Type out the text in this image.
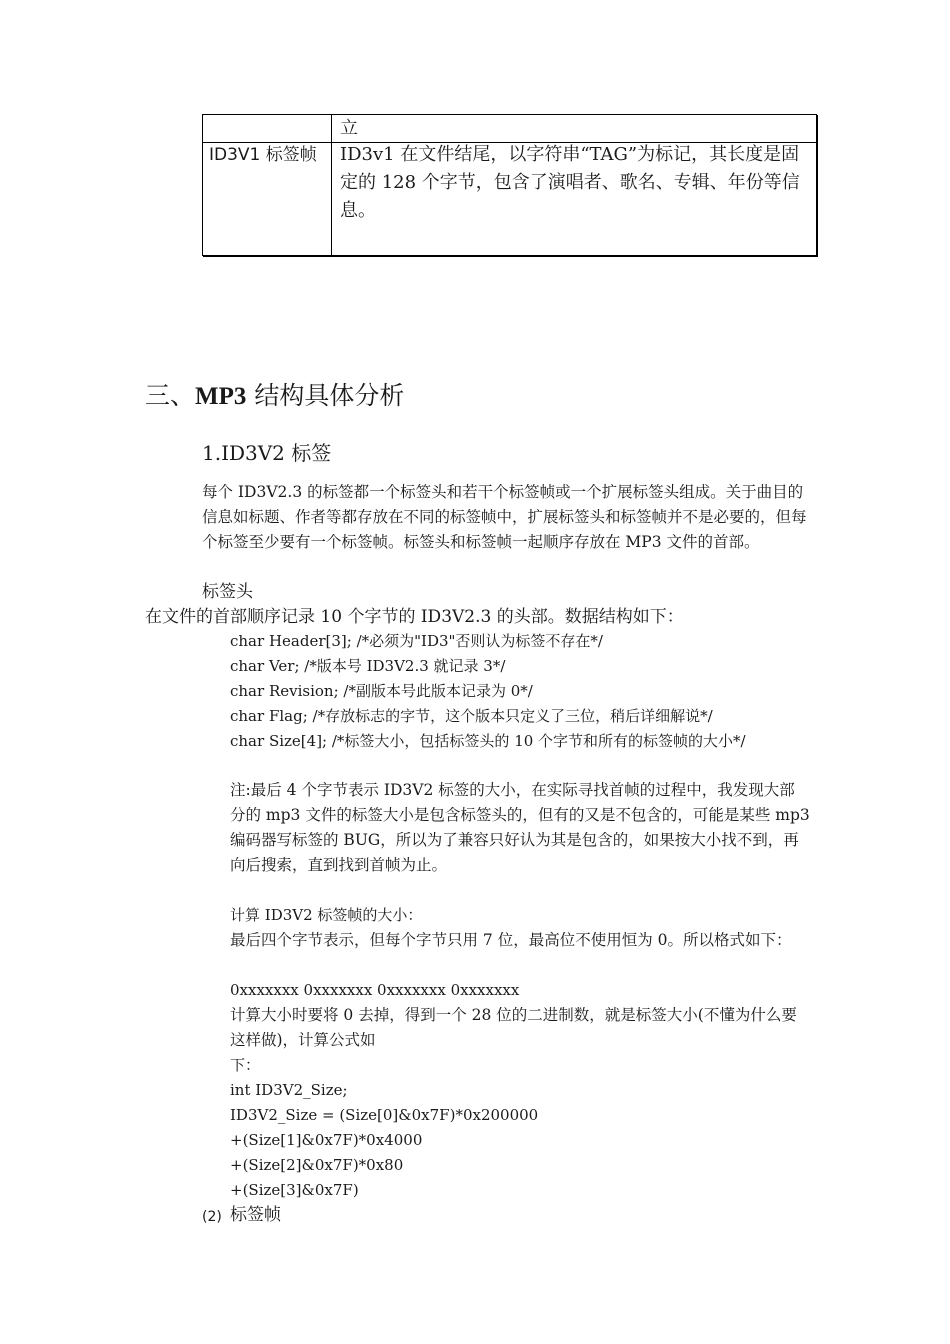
立
ID3V1 标签帧 ID3v1 在文件结尾，以字符串“TAG”为标记，其长度是固定的 128 个字节，包含了演唱者、歌名、专辑、年份等信息。
三、MP3 结构具体分析
1.ID3V2 标签
每个 ID3V2.3 的标签都一个标签头和若干个标签帧或一个扩展标签头组成。关于曲目的信息如标题、作者等都存放在不同的标签帧中，扩展标签头和标签帧并不是必要的，但每个标签至少要有一个标签帧。标签头和标签帧一起顺序存放在 MP3 文件的首部。
标签头
在文件的首部顺序记录 10 个字节的 ID3V2.3 的头部。数据结构如下：
char Header[3]; /*必须为"ID3"否则认为标签不存在*/
char Ver; /*版本号 ID3V2.3 就记录 3*/
char Revision; /*副版本号此版本记录为 0*/
char Flag; /*存放标志的字节，这个版本只定义了三位，稍后详细解说*/
char Size[4]; /*标签大小，包括标签头的 10 个字节和所有的标签帧的大小*/
注:最后 4 个字节表示 ID3V2 标签的大小，在实际寻找首帧的过程中，我发现大部分的 mp3 文件的标签大小是包含标签头的，但有的又是不包含的，可能是某些 mp3 编码器写标签的 BUG，所以为了兼容只好认为其是包含的，如果按大小找不到，再向后搜索，直到找到首帧为止。
计算 ID3V2 标签帧的大小：
最后四个字节表示，但每个字节只用 7 位，最高位不使用恒为 0。所以格式如下：
0xxxxxxx 0xxxxxxx 0xxxxxxx 0xxxxxxx
计算大小时要将 0 去掉，得到一个 28 位的二进制数，就是标签大小(不懂为什么要这样做)，计算公式如
下：
int ID3V2_Size;
ID3V2_Size = (Size[0]&0x7F)*0x200000
+(Size[1]&0x7F)*0x4000
+(Size[2]&0x7F)*0x80
+(Size[3]&0x7F)
(2) 标签帧
